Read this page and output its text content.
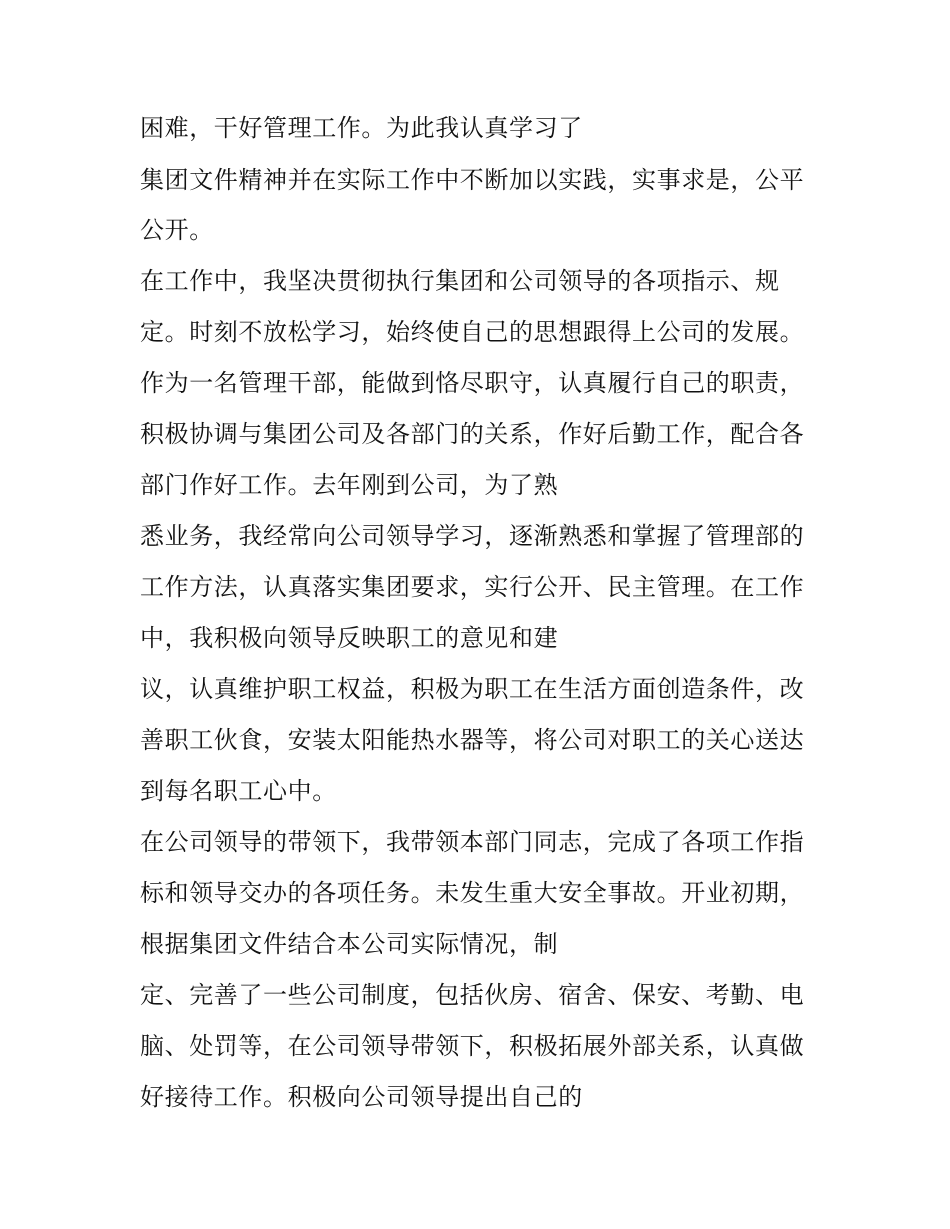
困难，干好管理工作。为此我认真学习了

集团文件精神并在实际工作中不断加以实践，实事求是，公平

公开。

在工作中，我坚决贯彻执行集团和公司领导的各项指示、规

定。时刻不放松学习，始终使自己的思想跟得上公司的发展。

作为一名管理干部，能做到恪尽职守，认真履行自己的职责，

积极协调与集团公司及各部门的关系，作好后勤工作，配合各

部门作好工作。去年刚到公司，为了熟

悉业务，我经常向公司领导学习，逐渐熟悉和掌握了管理部的

工作方法，认真落实集团要求，实行公开、民主管理。在工作

中，我积极向领导反映职工的意见和建

议，认真维护职工权益，积极为职工在生活方面创造条件，改

善职工伙食，安装太阳能热水器等，将公司对职工的关心送达

到每名职工心中。

在公司领导的带领下，我带领本部门同志，完成了各项工作指

标和领导交办的各项任务。未发生重大安全事故。开业初期，

根据集团文件结合本公司实际情况，制

定、完善了一些公司制度，包括伙房、宿舍、保安、考勤、电

脑、处罚等，在公司领导带领下，积极拓展外部关系，认真做

好接待工作。积极向公司领导提出自己的
